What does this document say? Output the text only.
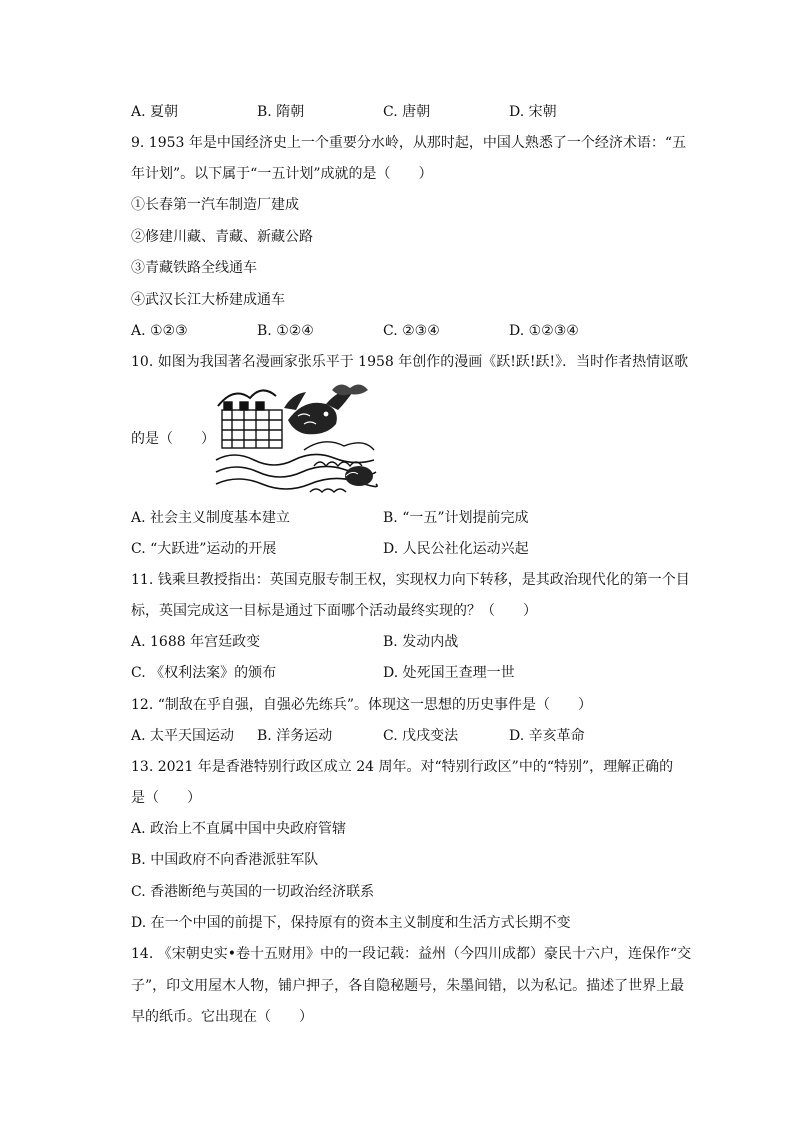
A. 夏朝	B. 隋朝	C. 唐朝	D. 宋朝
9. 1953 年是中国经济史上一个重要分水岭，从那时起，中国人熟悉了一个经济术语：“五
年计划”。以下属于“一五计划”成就的是（　　）
①长春第一汽车制造厂建成
②修建川藏、青藏、新藏公路
③青藏铁路全线通车
④武汉长江大桥建成通车
A. ①②③	B. ①②④	C. ②③④	D. ①②③④
10. 如图为我国著名漫画家张乐平于 1958 年创作的漫画《跃!跃!跃!》．当时作者热情讴歌
的是（　　）
A. 社会主义制度基本建立	B. “一五”计划提前完成
C. “大跃进”运动的开展	D. 人民公社化运动兴起
11. 钱乘旦教授指出：英国克服专制王权，实现权力向下转移，是其政治现代化的第一个目
标，英国完成这一目标是通过下面哪个活动最终实现的？（　　）
A. 1688 年宫廷政变	B. 发动内战
C. 《权利法案》的颁布	D. 处死国王查理一世
12. “制敌在乎自强，自强必先练兵”。体现这一思想的历史事件是（　　）
A. 太平天国运动 B. 洋务运动	C. 戊戌变法	D. 辛亥革命
13. 2021 年是香港特别行政区成立 24 周年。对“特别行政区”中的“特别”，理解正确的
是（　　）
A. 政治上不直属中国中央政府管辖
B. 中国政府不向香港派驻军队
C. 香港断绝与英国的一切政治经济联系
D. 在一个中国的前提下，保持原有的资本主义制度和生活方式长期不变
14. 《宋朝史实•卷十五财用》中的一段记载：益州（今四川成都）豪民十六户，连保作“交
子”，印文用屋木人物，铺户押子，各自隐秘题号，朱墨间错，以为私记。描述了世界上最
早的纸币。它出现在（　　）
